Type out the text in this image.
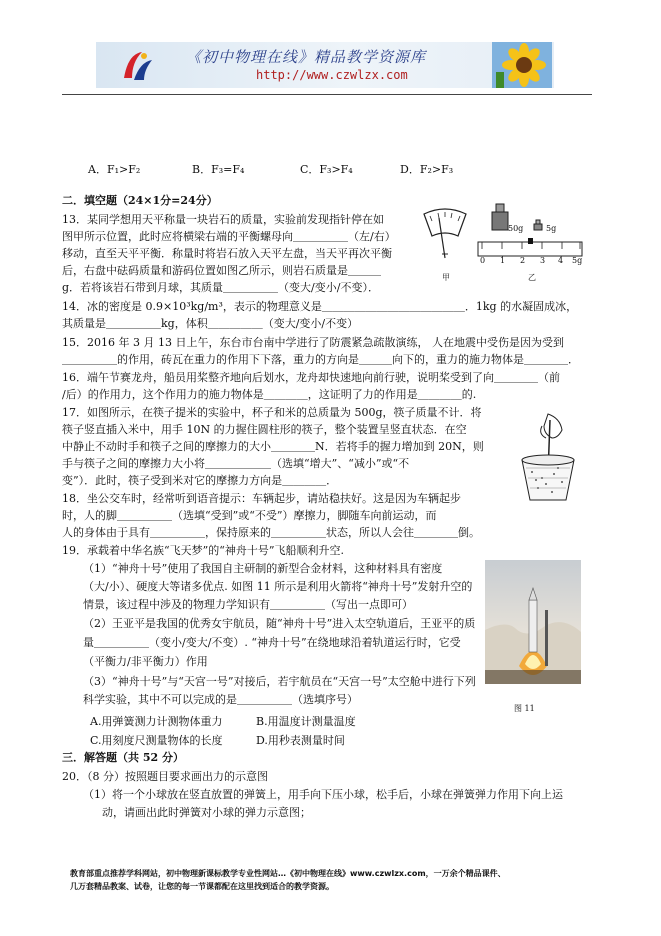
《初中物理在线》精品教学资源库
http://www.czwlzx.com
A．F₁>F₂	B．F₃=F₄	C．F₃>F₄	D．F₂>F₃
二．填空题（24×1分=24分）
13．某同学想用天平称量一块岩石的质量，实验前发现指针停在如
图甲所示位置，此时应将横梁右端的平衡螺母向＿＿＿＿＿（左/右）
移动，直至天平平衡．称量时将岩石放入天平左盘，当天平再次平衡
后，右盘中砝码质量和游码位置如图乙所示，则岩石质量是＿＿＿
g．若将该岩石带到月球，其质量＿＿＿＿＿（变大/变小/不变）．
甲
50g	5g
0 1 2 3 4 5g
乙
14．冰的密度是 0.9×10³kg/m³，表示的物理意义是＿＿＿＿＿＿＿＿＿＿＿＿＿．1kg 的水凝固成冰，
其质量是＿＿＿＿＿kg，体积＿＿＿＿＿（变大/变小/不变）
15．2016 年 3 月 13 日上午，东台市台南中学进行了防震紧急疏散演练， 人在地震中受伤是因为受到
＿＿＿＿＿的作用，砖瓦在重力的作用下下落，重力的方向是＿＿＿向下的，重力的施力物体是＿＿＿＿．
16．端午节赛龙舟，船员用桨整齐地向后划水，龙舟却快速地向前行驶，说明桨受到了向＿＿＿＿（前
/后）的作用力，这个作用力的施力物体是＿＿＿＿，这证明了力的作用是＿＿＿＿的.
17．如图所示，在筷子提米的实验中，杯子和米的总质量为 500g，筷子质量不计．将
筷子竖直插入米中，用手 10N 的力握住圆柱形的筷子，整个装置呈竖直状态．在空
中静止不动时手和筷子之间的摩擦力的大小＿＿＿＿N．若将手的握力增加到 20N，则
手与筷子之间的摩擦力大小将＿＿＿＿＿＿（选填“增大”、“减小”或“不
变”）．此时，筷子受到米对它的摩擦力方向是＿＿＿＿．
18．坐公交车时，经常听到语音提示：车辆起步，请站稳扶好。这是因为车辆起步
时，人的脚＿＿＿＿＿（选填“受到”或“不受”）摩擦力，脚随车向前运动，而
人的身体由于具有＿＿＿＿＿，保持原来的＿＿＿＿＿状态，所以人会往＿＿＿＿倒。
19．承载着中华名族“飞天梦”的“神舟十号”飞船顺利升空.
（1）“神舟十号”使用了我国自主研制的新型合金材料，这种材料具有密度
（大/小）、硬度大等诸多优点. 如图 11 所示是利用火箭将“神舟十号”发射升空的
情景，该过程中涉及的物理力学知识有＿＿＿＿＿（写出一点即可）
（2）王亚平是我国的优秀女宇航员，随“神舟十号”进入太空轨道后，王亚平的质
量＿＿＿＿＿（变小/变大/不变）. “神舟十号”在绕地球沿着轨道运行时，它受
（平衡力/非平衡力）作用
（3）“神舟十号”与“天宫一号”对接后，若宇航员在“天宫一号”太空舱中进行下列
科学实验，其中不可以完成的是＿＿＿＿＿（选填序号）
A.用弹簧测力计测物体重力	B.用温度计测量温度
C.用刻度尺测量物体的长度	D.用秒表测量时间
图 11
三．解答题（共 52 分）
20．（8 分）按照题目要求画出力的示意图
（1）将一个小球放在竖直放置的弹簧上，用手向下压小球，松手后，小球在弹簧弹力作用下向上运
动，请画出此时弹簧对小球的弹力示意图；
教育部重点推荐学科网站，初中物理新课标教学专业性网站…《初中物理在线》www.czwlzx.com，一万余个精品课件、
几万套精品教案、试卷，让您的每一节课都配在这里找到适合的教学资源。
